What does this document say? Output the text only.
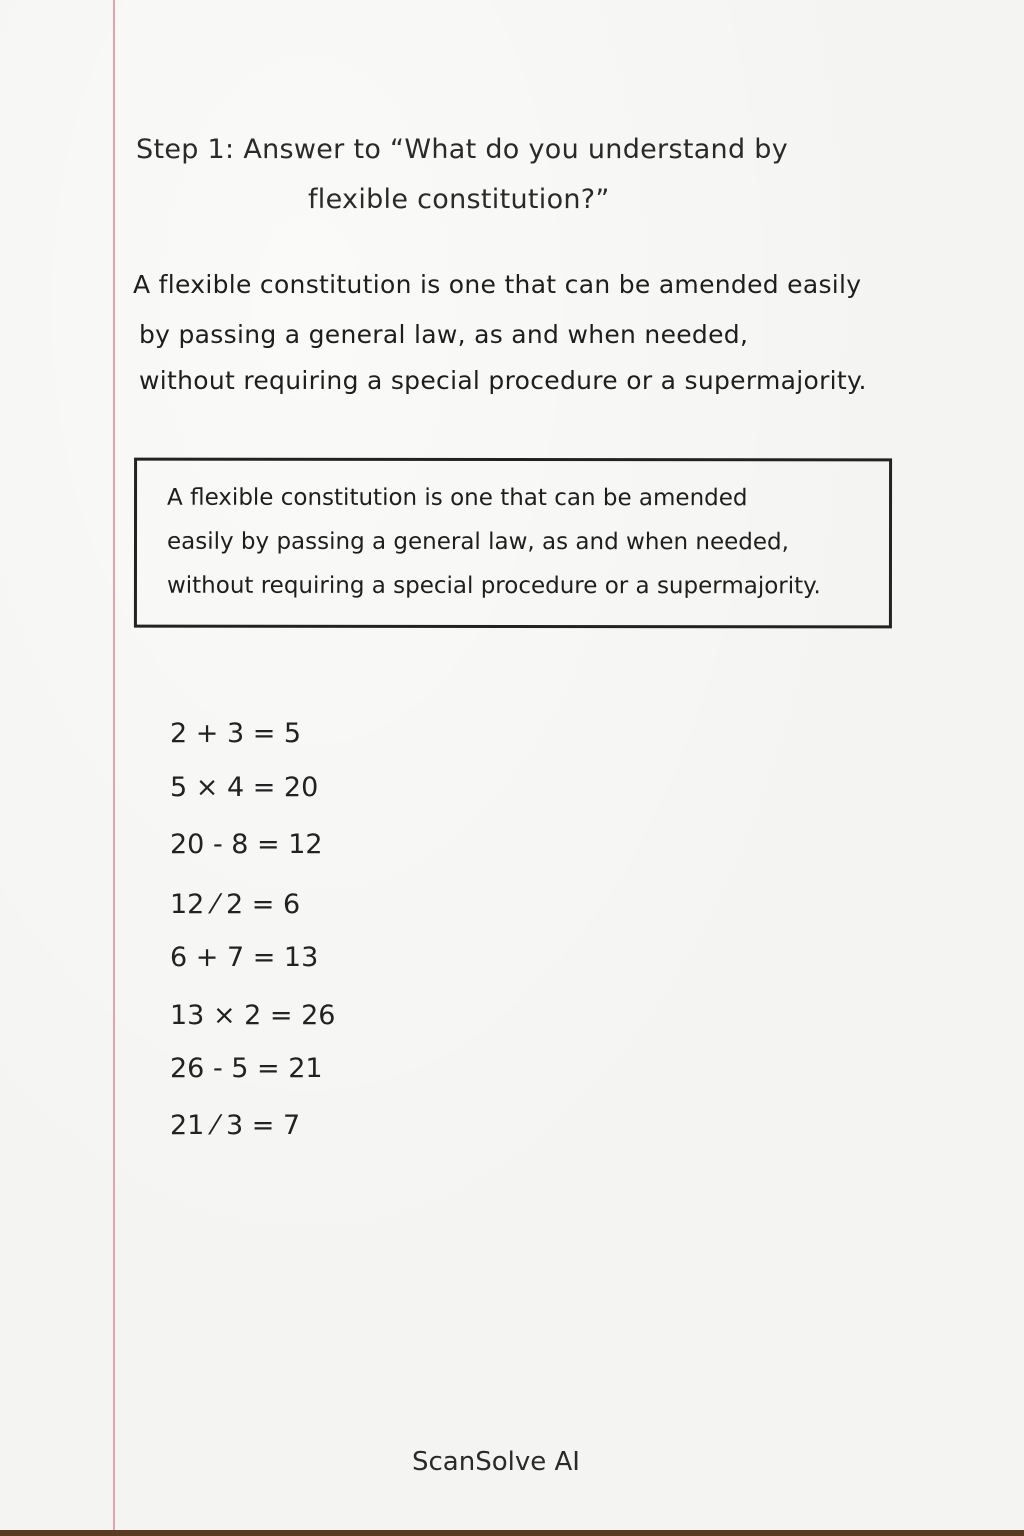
Step 1: Answer to “What do you understand by
flexible constitution?”
A flexible constitution is one that can be amended easily
by passing a general law, as and when needed,
without requiring a special procedure or a supermajority.
A flexible constitution is one that can be amended
easily by passing a general law, as and when needed,
without requiring a special procedure or a supermajority.
2 + 3 = 5
5 × 4 = 20
20 - 8 = 12
12 ⁄ 2 = 6
6 + 7 = 13
13 × 2 = 26
26 - 5 = 21
21 ⁄ 3 = 7
ScanSolve AI
